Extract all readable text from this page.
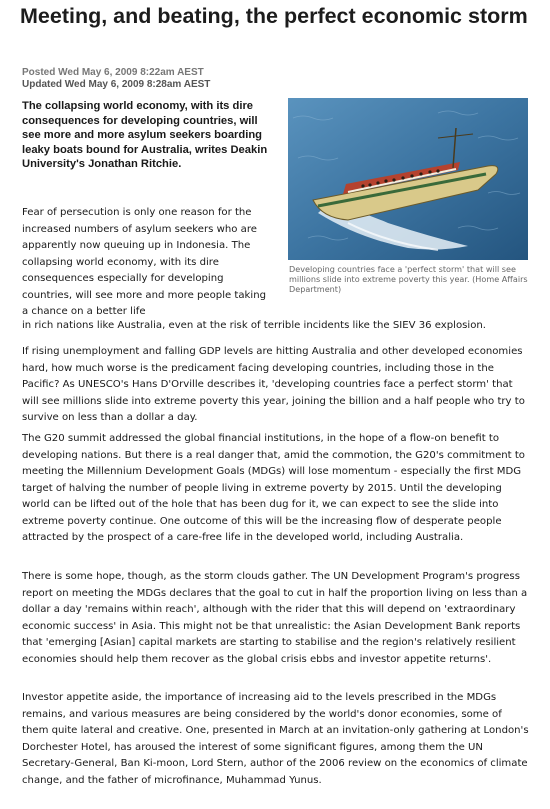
Meeting, and beating, the perfect economic storm
Posted Wed May 6, 2009 8:22am AEST
Updated Wed May 6, 2009 8:28am AEST

The collapsing world economy, with its dire consequences for developing countries, will see more and more asylum seekers boarding leaky boats bound for Australia, writes Deakin University's Jonathan Ritchie.

Developing countries face a 'perfect storm' that will see millions slide into extreme poverty this year. (Home Affairs Department)

Fear of persecution is only one reason for the increased numbers of asylum seekers who are apparently now queuing up in Indonesia. The collapsing world economy, with its dire consequences especially for developing countries, will see more and more people taking a chance on a better life

in rich nations like Australia, even at the risk of terrible incidents like the SIEV 36 explosion.

If rising unemployment and falling GDP levels are hitting Australia and other developed economies hard, how much worse is the predicament facing developing countries, including those in the Pacific? As UNESCO's Hans D'Orville describes it, 'developing countries face a perfect storm' that will see millions slide into extreme poverty this year, joining the billion and a half people who try to survive on less than a dollar a day.

The G20 summit addressed the global financial institutions, in the hope of a flow-on benefit to developing nations. But there is a real danger that, amid the commotion, the G20's commitment to meeting the Millennium Development Goals (MDGs) will lose momentum - especially the first MDG target of halving the number of people living in extreme poverty by 2015. Until the developing world can be lifted out of the hole that has been dug for it, we can expect to see the slide into extreme poverty continue. One outcome of this will be the increasing flow of desperate people attracted by the prospect of a care-free life in the developed world, including Australia.

There is some hope, though, as the storm clouds gather. The UN Development Program's progress report on meeting the MDGs declares that the goal to cut in half the proportion living on less than a dollar a day 'remains within reach', although with the rider that this will depend on 'extraordinary economic success' in Asia. This might not be that unrealistic: the Asian Development Bank reports that 'emerging [Asian] capital markets are starting to stabilise and the region's relatively resilient economies should help them recover as the global crisis ebbs and investor appetite returns'.

Investor appetite aside, the importance of increasing aid to the levels prescribed in the MDGs remains, and various measures are being considered by the world's donor economies, some of them quite lateral and creative. One, presented in March at an invitation-only gathering at London's Dorchester Hotel, has aroused the interest of some significant figures, among them the UN Secretary-General, Ban Ki-moon, Lord Stern, author of the 2006 review on the economics of climate change, and the father of microfinance, Muhammad Yunus.
